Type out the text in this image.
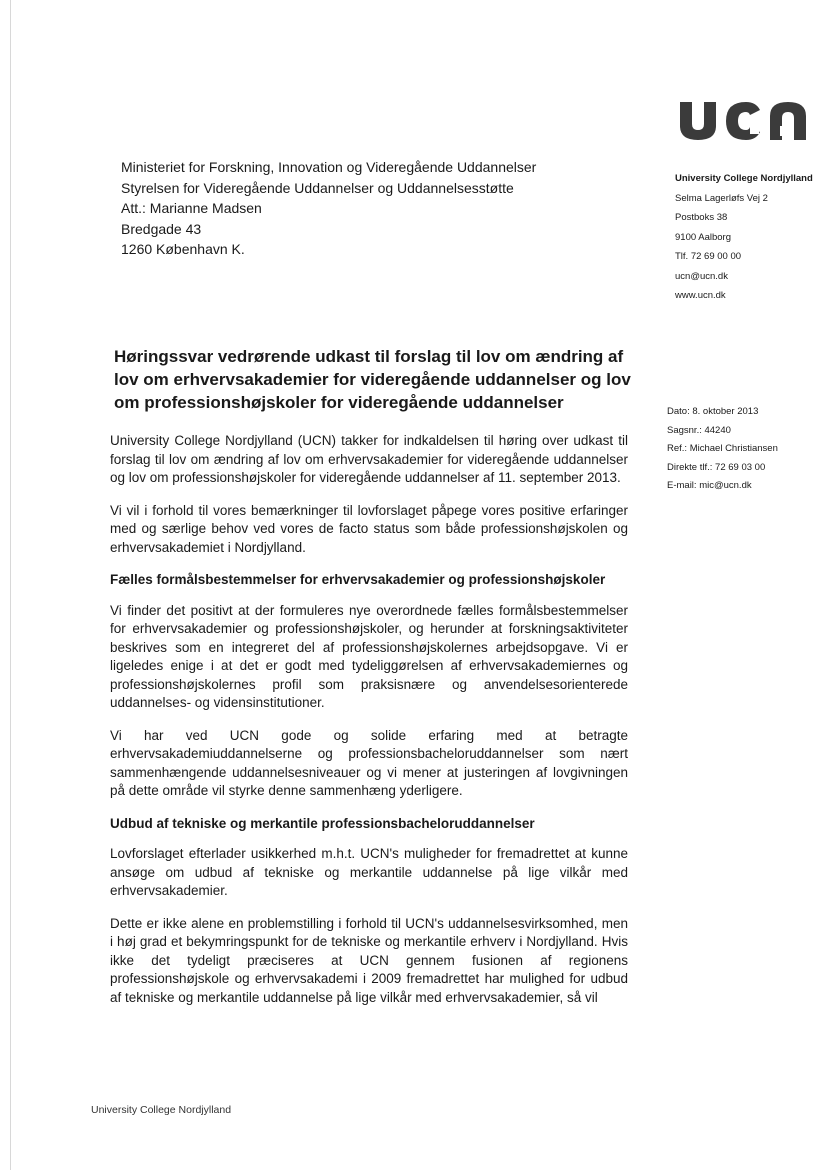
Ministeriet for Forskning, Innovation og Videregående Uddannelser
Styrelsen for Videregående Uddannelser og Uddannelsesstøtte
Att.: Marianne Madsen
Bredgade 43
1260 København K.
University College Nordjylland
Selma Lagerløfs Vej 2
Postboks 38
9100 Aalborg
Tlf. 72 69 00 00
ucn@ucn.dk
www.ucn.dk
Høringssvar vedrørende udkast til forslag til lov om ændring af lov om erhvervsakademier for videregående uddannelser og lov om professionshøjskoler for videregående uddannelser	Dato: 8. oktober 2013
Sagsnr.: 44240
Ref.: Michael Christiansen
Direkte tlf.: 72 69 03 00
E-mail: mic@ucn.dk

University College Nordjylland (UCN) takker for indkaldelsen til høring over udkast til forslag til lov om ændring af lov om erhvervsakademier for videregående uddannelser og lov om professionshøjskoler for videregående uddannelser af 11. september 2013.

Vi vil i forhold til vores bemærkninger til lovforslaget påpege vores positive erfaringer med og særlige behov ved vores de facto status som både professionshøjskolen og erhvervsakademiet i Nordjylland.

Fælles formålsbestemmelser for erhvervsakademier og professionshøjskoler

Vi finder det positivt at der formuleres nye overordnede fælles formålsbestemmelser for erhvervsakademier og professionshøjskoler, og herunder at forskningsaktiviteter beskrives som en integreret del af professionshøjskolernes arbejdsopgave. Vi er ligeledes enige i at det er godt med tydeliggørelsen af erhvervsakademiernes og professionshøjskolernes profil som praksisnære og anvendelsesorienterede uddannelses- og vidensinstitutioner.

Vi har ved UCN gode og solide erfaring med at betragte erhvervsakademiuddannelserne og professionsbacheloruddannelser som nært sammenhængende uddannelsesniveauer og vi mener at justeringen af lovgivningen på dette område vil styrke denne sammenhæng yderligere.

Udbud af tekniske og merkantile professionsbacheloruddannelser

Lovforslaget efterlader usikkerhed m.h.t. UCN's muligheder for fremadrettet at kunne ansøge om udbud af tekniske og merkantile uddannelse på lige vilkår med erhvervsakademier.

Dette er ikke alene en problemstilling i forhold til UCN's uddannelsesvirksomhed, men i høj grad et bekymringspunkt for de tekniske og merkantile erhverv i Nordjylland. Hvis ikke det tydeligt præciseres at UCN gennem fusionen af regionens professionshøjskole og erhvervsakademi i 2009 fremadrettet har mulighed for udbud af tekniske og merkantile uddannelse på lige vilkår med erhvervsakademier, så vil

University College Nordjylland
